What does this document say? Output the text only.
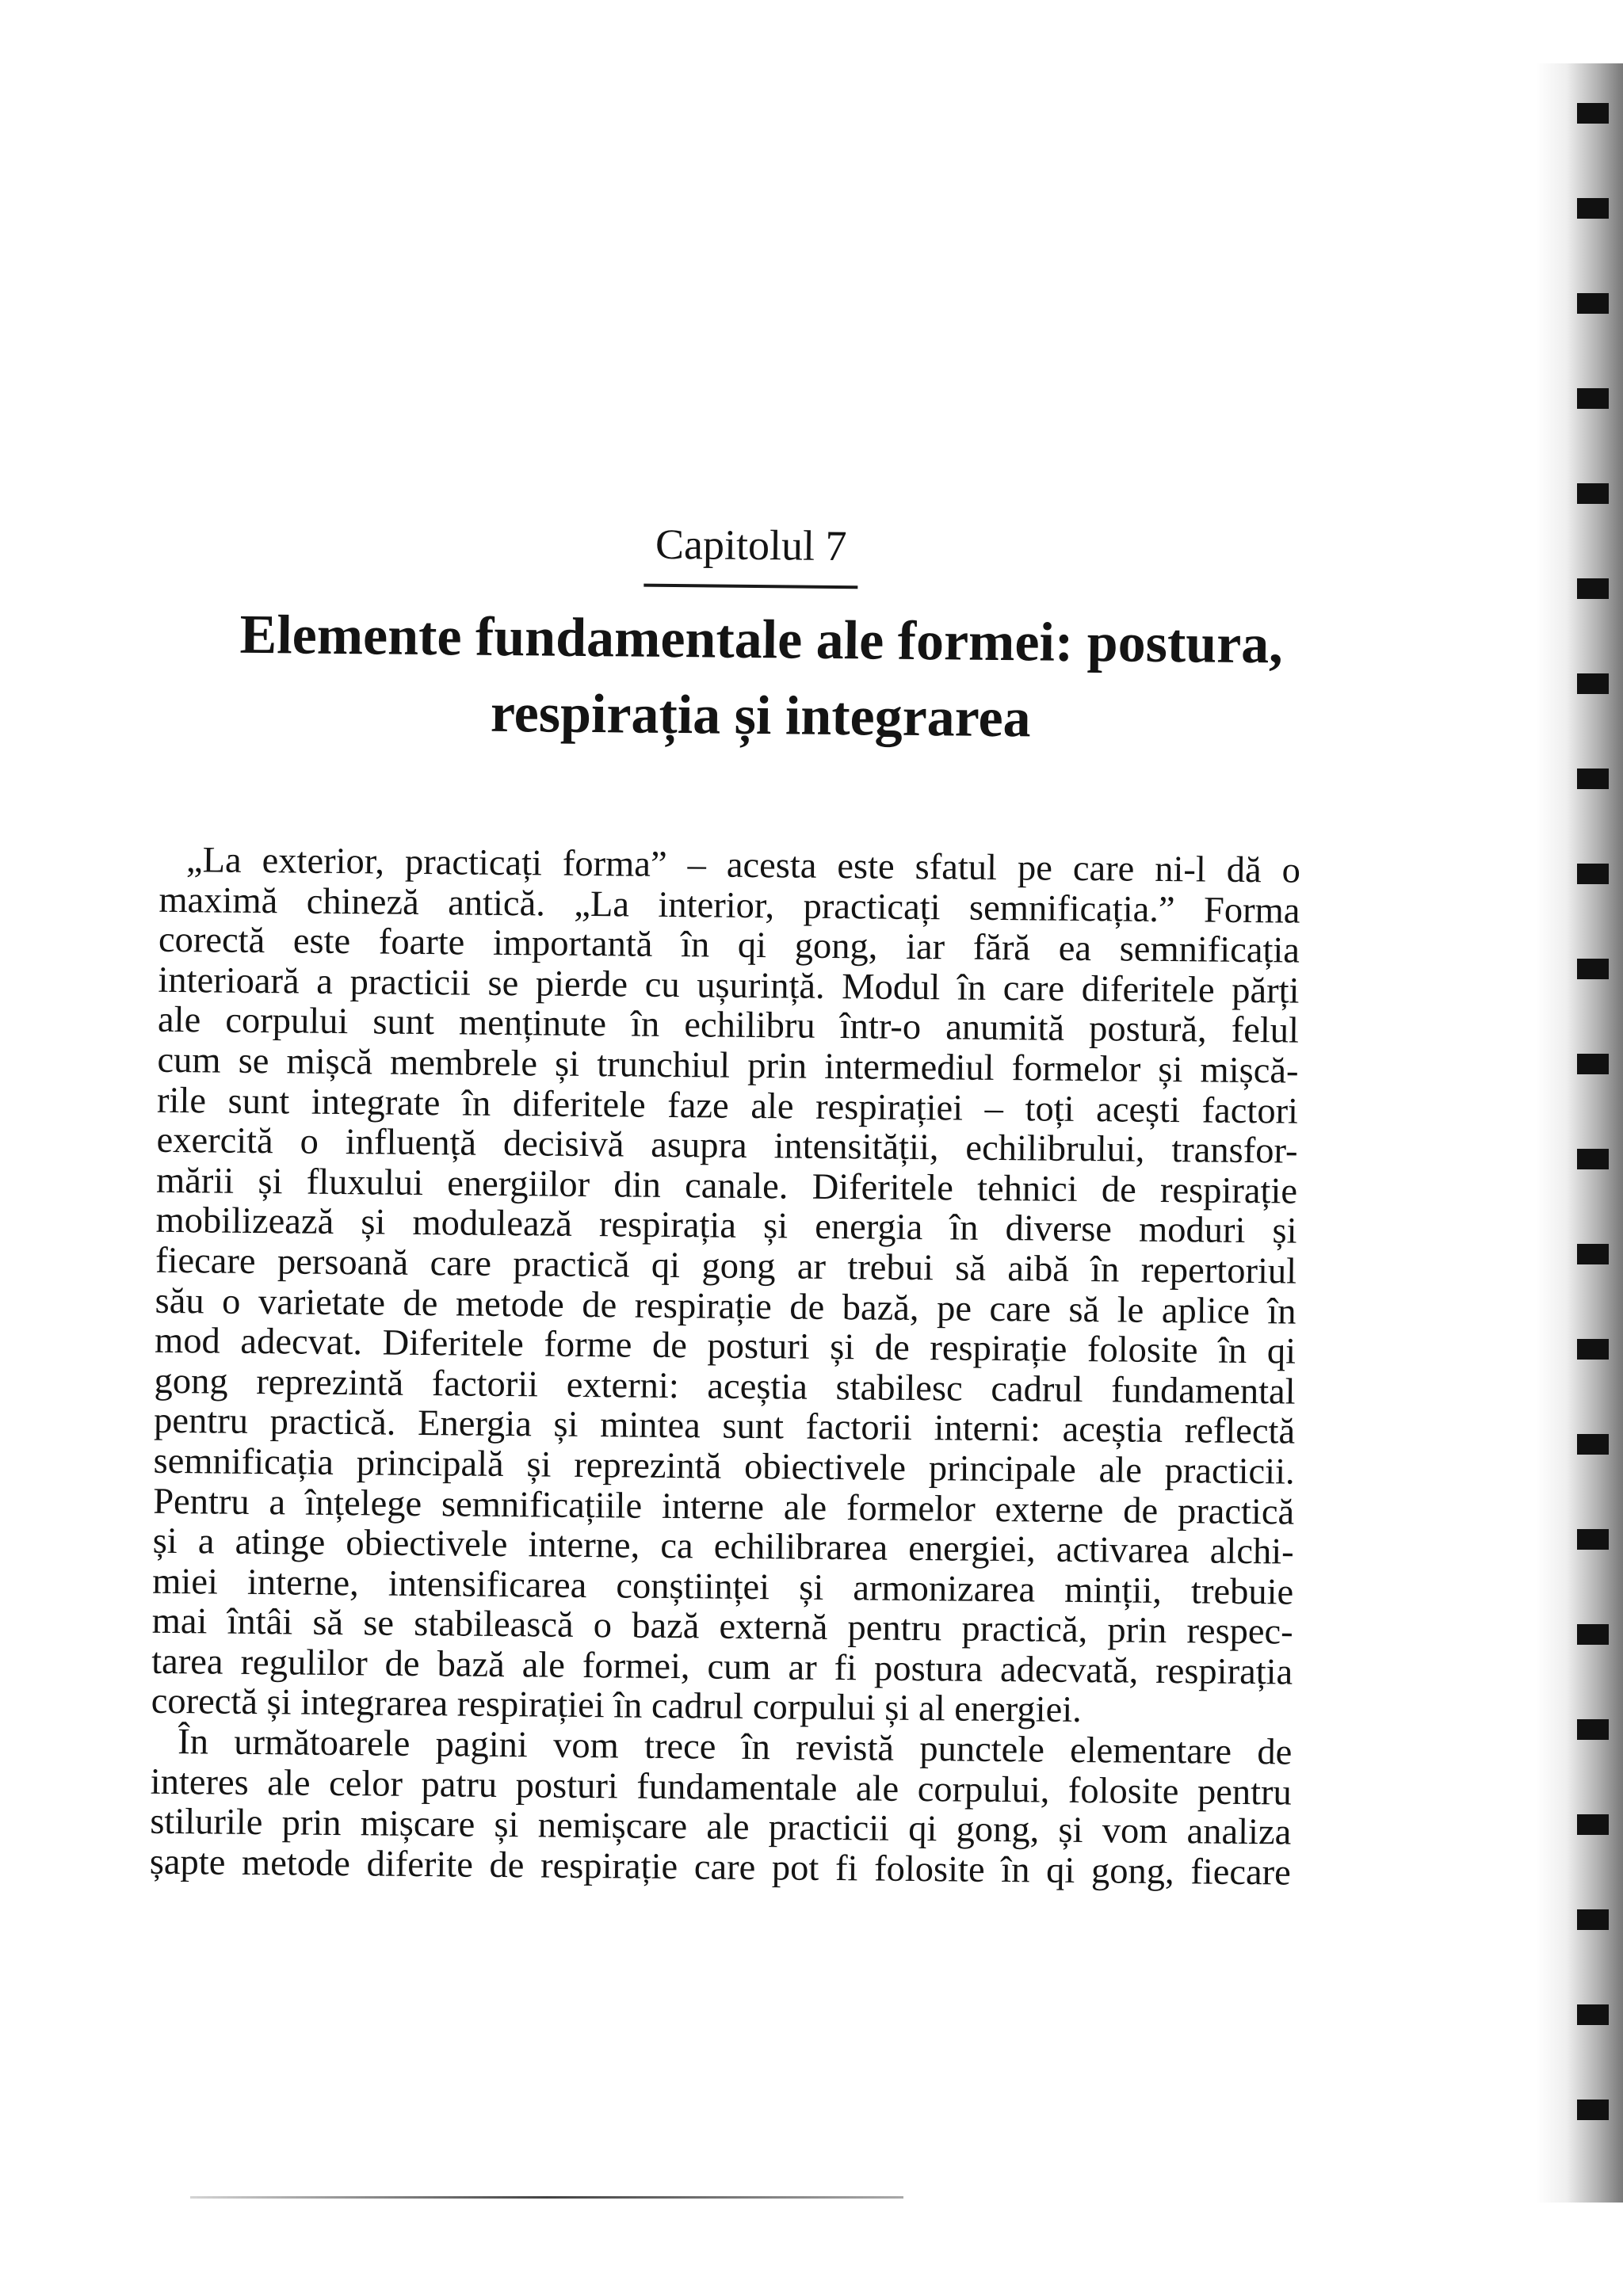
Capitolul 7
Elemente fundamentale ale formei: postura,
respirația și integrarea
„La exterior, practicați forma” – acesta este sfatul pe care ni-l dă o
maximă chineză antică. „La interior, practicați semnificația.” Forma
corectă este foarte importantă în qi gong, iar fără ea semnificația
interioară a practicii se pierde cu ușurință. Modul în care diferitele părți
ale corpului sunt menținute în echilibru într-o anumită postură, felul
cum se mișcă membrele și trunchiul prin intermediul formelor și mișcă-
rile sunt integrate în diferitele faze ale respirației – toți acești factori
exercită o influență decisivă asupra intensității, echilibrului, transfor-
mării și fluxului energiilor din canale. Diferitele tehnici de respirație
mobilizează și modulează respirația și energia în diverse moduri și
fiecare persoană care practică qi gong ar trebui să aibă în repertoriul
său o varietate de metode de respirație de bază, pe care să le aplice în
mod adecvat. Diferitele forme de posturi și de respirație folosite în qi
gong reprezintă factorii externi: aceștia stabilesc cadrul fundamental
pentru practică. Energia și mintea sunt factorii interni: aceștia reflectă
semnificația principală și reprezintă obiectivele principale ale practicii.
Pentru a înțelege semnificațiile interne ale formelor externe de practică
și a atinge obiectivele interne, ca echilibrarea energiei, activarea alchi-
miei interne, intensificarea conștiinței și armonizarea minții, trebuie
mai întâi să se stabilească o bază externă pentru practică, prin respec-
tarea regulilor de bază ale formei, cum ar fi postura adecvată, respirația
corectă și integrarea respirației în cadrul corpului și al energiei.
În următoarele pagini vom trece în revistă punctele elementare de
interes ale celor patru posturi fundamentale ale corpului, folosite pentru
stilurile prin mișcare și nemișcare ale practicii qi gong, și vom analiza
șapte metode diferite de respirație care pot fi folosite în qi gong, fiecare
